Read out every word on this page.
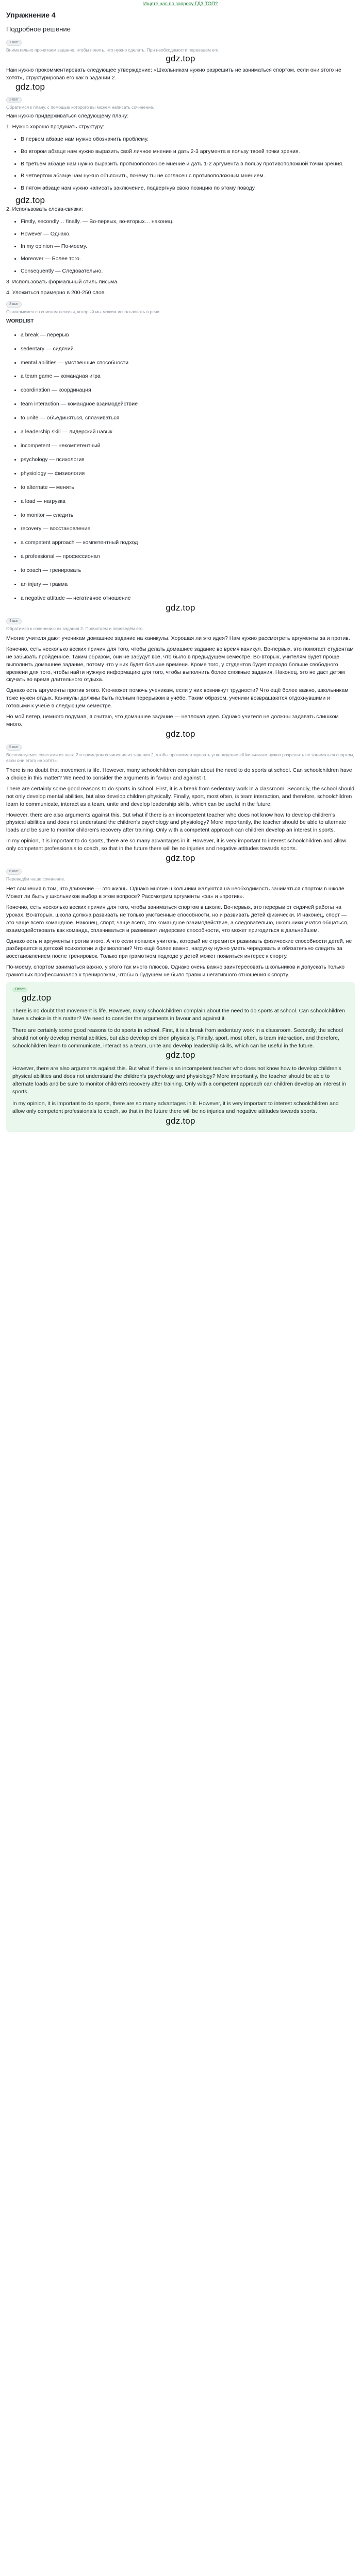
Ищете нас по запросу ГДЗ ТОП?
Упражнение 4
Подробное решение
1 шаг
Внимательно прочитаем задание, чтобы понять, что нужно сделать. При необходимости переведём его.
gdz.top

Нам нужно прокомментировать следующее утверждение: «Школьникам нужно разрешить не заниматься спортом, если они этого не хотят», структурировав его как в задании 2.

gdz.top
2 шаг
Обратимся к плану, с помощью которого вы можем написать сочинение.

Нам нужно придерживаться следующему плану:

1. Нужно хорошо продумать структуру:
В первом абзаце нам нужно обозначить проблему.
Во втором абзаце нам нужно выразить свой личное мнение и дать 2-3 аргумента в пользу твоей точки зрения.
В третьем абзаце нам нужно выразить противоположное мнение и дать 1-2 аргумента в пользу противоположной точки зрения.
В четвертом абзаце нам нужно объяснить, почему ты не согласен с противоположным мнением.
В пятом абзаце нам нужно написать заключение, подвергнув свою позицию по этому поводу.
gdz.top
2. Использовать слова-связки:
Firstly, secondly… finally. — Во-первых, во-вторых… наконец.
However — Однако.
In my opinion — По-моему.
Moreover — Более того.
Consequently — Следовательно.
3. Использовать формальный стиль письма.
4. Уложиться примерно в 200-250 слов.
3 шаг
Ознакомимся со списком лексики, который мы можем использовать в речи.
WORDLIST
a break — перерыв
sedentary — сидячий
mental abilities — умственные способности
a team game — командная игра
coordination — координация
team interaction — командное взаимодействие
to unite — объединяться, сплачиваться
a leadership skill — лидерский навык
incompetent — некомпетентный
psychology — психология
physiology — физиология
to alternate — менять
a load — нагрузка
to monitor — следить
recovery — восстановление
a competent approach — компетентный подход
a professional — профессионал
to coach — тренировать
an injury — травма
a negative attitude — негативное отношение
gdz.top
4 шаг
Обратимся к сочинению из задания 2. Прочитаем и переведём его.

Многие учителя дают ученикам домашнее задание на каникулы. Хорошая ли это идея? Нам нужно рассмотреть аргументы за и против.

Конечно, есть несколько веских причин для того, чтобы делать домашнее задание во время каникул. Во-первых, это помогает студентам не забывать пройденное. Таким образом, они не забудут всё, что было в предыдущем семестре. Во-вторых, учителям будет проще выполнить домашнее задание, потому что у них будет больше времени. Кроме того, у студентов будет гораздо больше свободного времени для того, чтобы найти нужную информацию для того, чтобы выполнить более сложные задания. Наконец, это не даст детям скучать во время длительного отдыха.

Однако есть аргументы против этого. Кто-может помочь ученикам, если у них возникнут трудности? Что ещё более важно, школьникам тоже нужен отдых. Каникулы должны быть полным перерывом в учёбе. Таким образом, ученики возвращаются отдохнувшими и готовыми к учёбе в следующем семестре.

Но мой ветер, немного подумав, я считаю, что домашнее задание — неплохая идея. Однако учителя не должны задавать слишком много.

gdz.top
5 шаг
Воспользуемся советами из шага 2 и примером сочинения из задания 2, чтобы прокомментировать утверждение «Школьникам нужно разрешить не заниматься спортом, если они этого не хотят».

There is no doubt that movement is life. However, many schoolchildren complain about the need to do sports at school. Can schoolchildren have a choice in this matter? We need to consider the arguments in favour and against it.

There are certainly some good reasons to do sports in school. First, it is a break from sedentary work in a classroom. Secondly, the school should not only develop mental abilities, but also develop children physically. Finally, sport, most often, is team interaction, and therefore, schoolchildren learn to communicate, interact as a team, unite and develop leadership skills, which can be useful in the future.

However, there are also arguments against this. But what if there is an incompetent teacher who does not know how to develop children's physical abilities and does not understand the children's psychology and physiology? More importantly, the teacher should be able to alternate loads and be sure to monitor children's recovery after training. Only with a competent approach can children develop an interest in sports.

In my opinion, it is important to do sports, there are so many advantages in it. However, it is very important to interest schoolchildren and allow only competent professionals to coach, so that in the future there will be no injuries and negative attitudes towards sports.

gdz.top
6 шаг
Переведём наше сочинение.

Нет сомнения в том, что движение — это жизнь. Однако многие школьники жалуются на необходимость заниматься спортом в школе. Может ли быть у школьников выбор в этом вопросе? Рассмотрим аргументы «за» и «против».

Конечно, есть несколько веских причин для того, чтобы заниматься спортом в школе. Во-первых, это перерыв от сидячей работы на уроках. Во-вторых, школа должна развивать не только умственные способности, но и развивать детей физически. И наконец, спорт — это чаще всего командное. Наконец, спорт, чаще всего, это командное взаимодействие, а следовательно, школьники учатся общаться, взаимодействовать как команда, сплачиваться и развивают лидерские способности, что может пригодиться в дальнейшем.

Однако есть и аргументы против этого. А что если попался учитель, который не стремится развивать физические способности детей, не разбирается в детской психологии и физиологии? Что ещё более важно, нагрузку нужно уметь чередовать и обязательно следить за восстановлением после тренировок. Только при грамотном подходе у детей может появиться интерес к спорту.

По-моему, спортом заниматься важно, у этого так много плюсов. Однако очень важно заинтересовать школьников и допускать только грамотных профессионалов к тренировкам, чтобы в будущем не было травм и негативного отношения к спорту.

Ответ
gdz.top

There is no doubt that movement is life. However, many schoolchildren complain about the need to do sports at school. Can schoolchildren have a choice in this matter? We need to consider the arguments in favour and against it.

There are certainly some good reasons to do sports in school. First, it is a break from sedentary work in a classroom. Secondly, the school should not only develop mental abilities, but also develop children physically. Finally, sport, most often, is team interaction, and therefore, schoolchildren learn to communicate, interact as a team, unite and develop leadership skills, which can be useful in the future.

gdz.top

However, there are also arguments against this. But what if there is an incompetent teacher who does not know how to develop children's physical abilities and does not understand the children's psychology and physiology? More importantly, the teacher should be able to alternate loads and be sure to monitor children's recovery after training. Only with a competent approach can children develop an interest in sports.

In my opinion, it is important to do sports, there are so many advantages in it. However, it is very important to interest schoolchildren and allow only competent professionals to coach, so that in the future there will be no injuries and negative attitudes towards sports.

gdz.top
